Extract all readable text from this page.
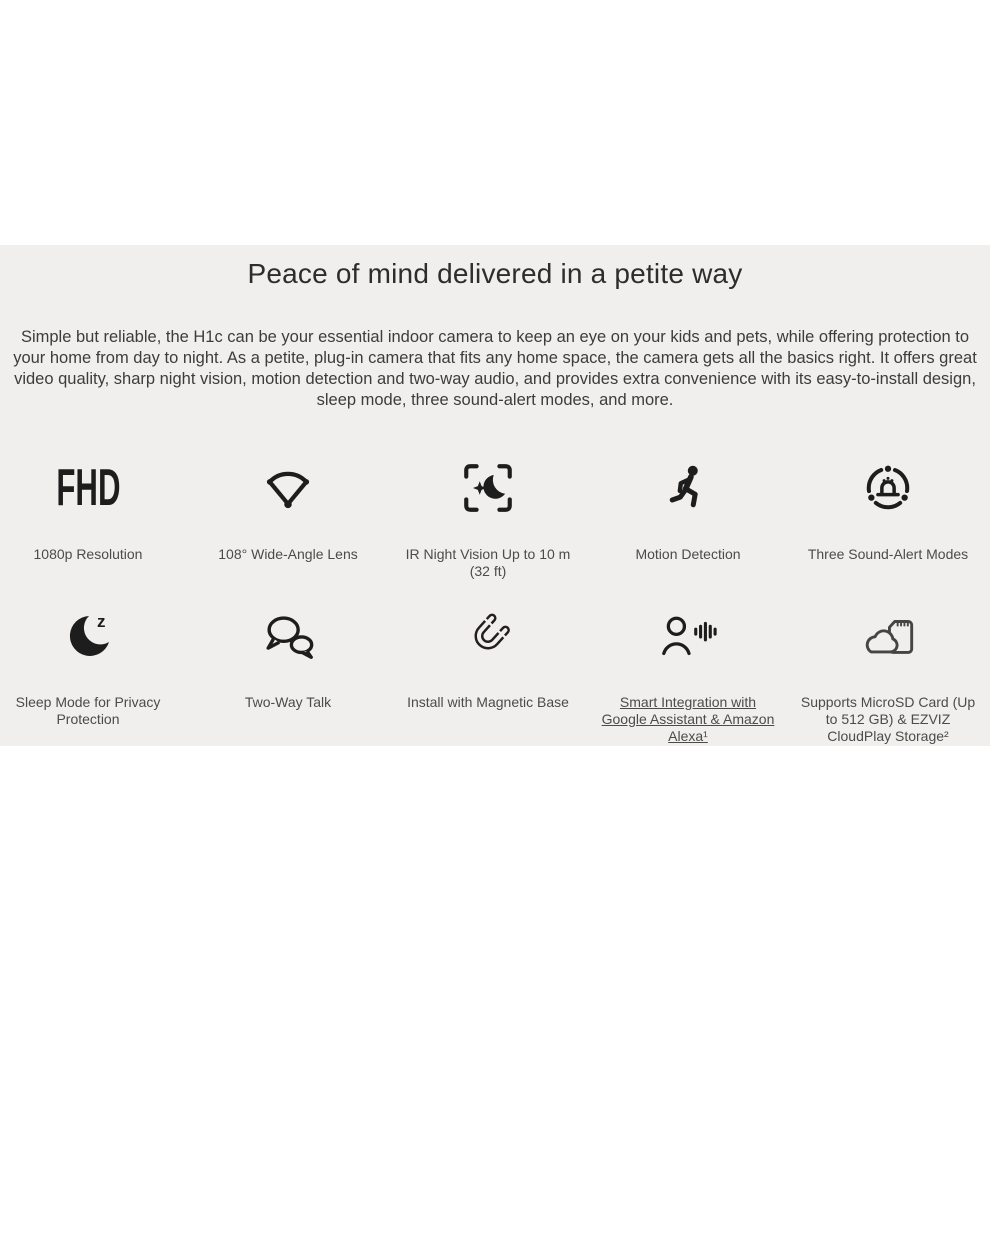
Peace of mind delivered in a petite way

Simple but reliable, the H1c can be your essential indoor camera to keep an eye on your kids and pets, while offering protection to your home from day to night. As a petite, plug-in camera that fits any home space, the camera gets all the basics right. It offers great video quality, sharp night vision, motion detection and two-way audio, and provides extra convenience with its easy-to-install design, sleep mode, three sound-alert modes, and more.

FHD
1080p Resolution	108° Wide-Angle Lens	IR Night Vision Up to 10 m (32 ft)
Motion Detection	Three Sound-Alert Modes
z
Sleep Mode for Privacy Protection
Two-Way Talk	Install with Magnetic Base	Smart Integration with Google Assistant & Amazon Alexa¹
Supports MicroSD Card (Up to 512 GB) & EZVIZ CloudPlay Storage²
